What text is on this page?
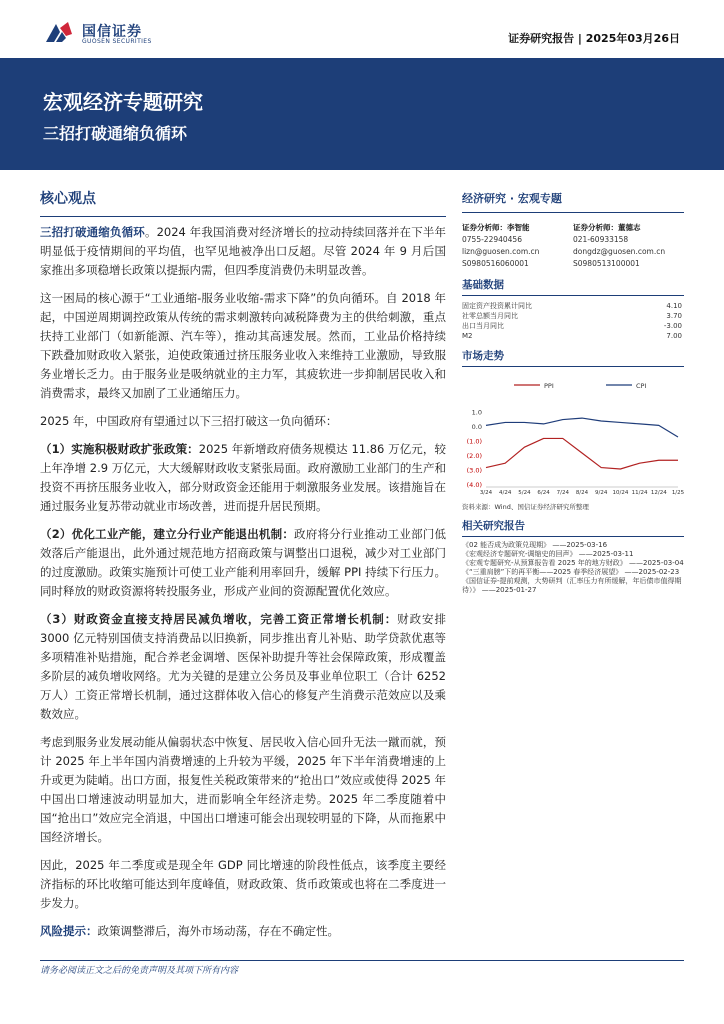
国信证券
GUOSEN SECURITIES	证券研究报告 | 2025年03月26日
宏观经济专题研究
三招打破通缩负循环
核心观点

三招打破通缩负循环。2024 年我国消费对经济增长的拉动持续回落并在下半年明显低于疫情期间的平均值，也罕见地被净出口反超。尽管 2024 年 9 月后国家推出多项稳增长政策以提振内需，但四季度消费仍未明显改善。

这一困局的核心源于“工业通缩-服务业收缩-需求下降”的负向循环。自 2018 年起，中国逆周期调控政策从传统的需求刺激转向减税降费为主的供给刺激，重点扶持工业部门（如新能源、汽车等），推动其高速发展。然而，工业品价格持续下跌叠加财政收入紧张，迫使政策通过挤压服务业收入来维持工业激励，导致服务业增长乏力。由于服务业是吸纳就业的主力军，其疲软进一步抑制居民收入和消费需求，最终又加剧了工业通缩压力。

2025 年，中国政府有望通过以下三招打破这一负向循环：

（1）实施积极财政扩张政策：2025 年新增政府债务规模达 11.86 万亿元，较上年净增 2.9 万亿元，大大缓解财政收支紧张局面。政府激励工业部门的生产和投资不再挤压服务业收入，部分财政资金还能用于刺激服务业发展。该措施旨在通过服务业复苏带动就业市场改善，进而提升居民预期。

（2）优化工业产能，建立分行业产能退出机制：政府将分行业推动工业部门低效落后产能退出，此外通过规范地方招商政策与调整出口退税，减少对工业部门的过度激励。政策实施预计可使工业产能利用率回升，缓解 PPI 持续下行压力。同时释放的财政资源将转投服务业，形成产业间的资源配置优化效应。

（3）财政资金直接支持居民减负增收，完善工资正常增长机制：财政安排 3000 亿元特别国债支持消费品以旧换新，同步推出育儿补贴、助学贷款优惠等多项精准补贴措施，配合养老金调增、医保补助提升等社会保障政策，形成覆盖多阶层的减负增收网络。尤为关键的是建立公务员及事业单位职工（合计 6252 万人）工资正常增长机制，通过这群体收入信心的修复产生消费示范效应以及乘数效应。

考虑到服务业发展动能从偏弱状态中恢复、居民收入信心回升无法一蹴而就，预计 2025 年上半年国内消费增速的上升较为平缓，2025 年下半年消费增速的上升或更为陡峭。出口方面，报复性关税政策带来的“抢出口”效应或使得 2025 年中国出口增速波动明显加大，进而影响全年经济走势。2025 年二季度随着中国“抢出口”效应完全消退，中国出口增速可能会出现较明显的下降，从而拖累中国经济增长。

因此，2025 年二季度或是现全年 GDP 同比增速的阶段性低点，该季度主要经济指标的环比收缩可能达到年度峰值，财政政策、货币政策或也将在二季度进一步发力。

风险提示：政策调整滞后，海外市场动荡，存在不确定性。

经济研究 · 宏观专题
证券分析师：李智能
0755-22940456
lizn@guosen.com.cn
S0980516060001
证券分析师：董德志
021-60933158
dongdz@guosen.com.cn
S0980513100001
基础数据
固定资产投资累计同比	4.10
社零总额当月同比	3.70
出口当月同比	-3.00
M2	7.00
市场走势
PPI	CPI
1.0
0.0
(1.0)
(2.0)
(3.0)
(4.0)
3/24 4/24 5/24 6/24 7/24 8/24 9/24 10/24 11/24 12/24 1/25
资料来源：Wind、国信证券经济研究所整理
相关研究报告
《02 能否成为政策兑现期》 ——2025-03-16
《宏观经济专题研究-调缩史的回声》 ——2025-03-11
《宏观专题研究-从预算报告看 2025 年的地方财政》 ——2025-03-04
《“三重肩膀”下的再平衡——2025 春季经济展望》 ——2025-02-23
《国信证券-提前观测，大势研判（汇率压力有所缓解，年后债市值得期待）》 ——2025-01-27
请务必阅读正文之后的免责声明及其项下所有内容
